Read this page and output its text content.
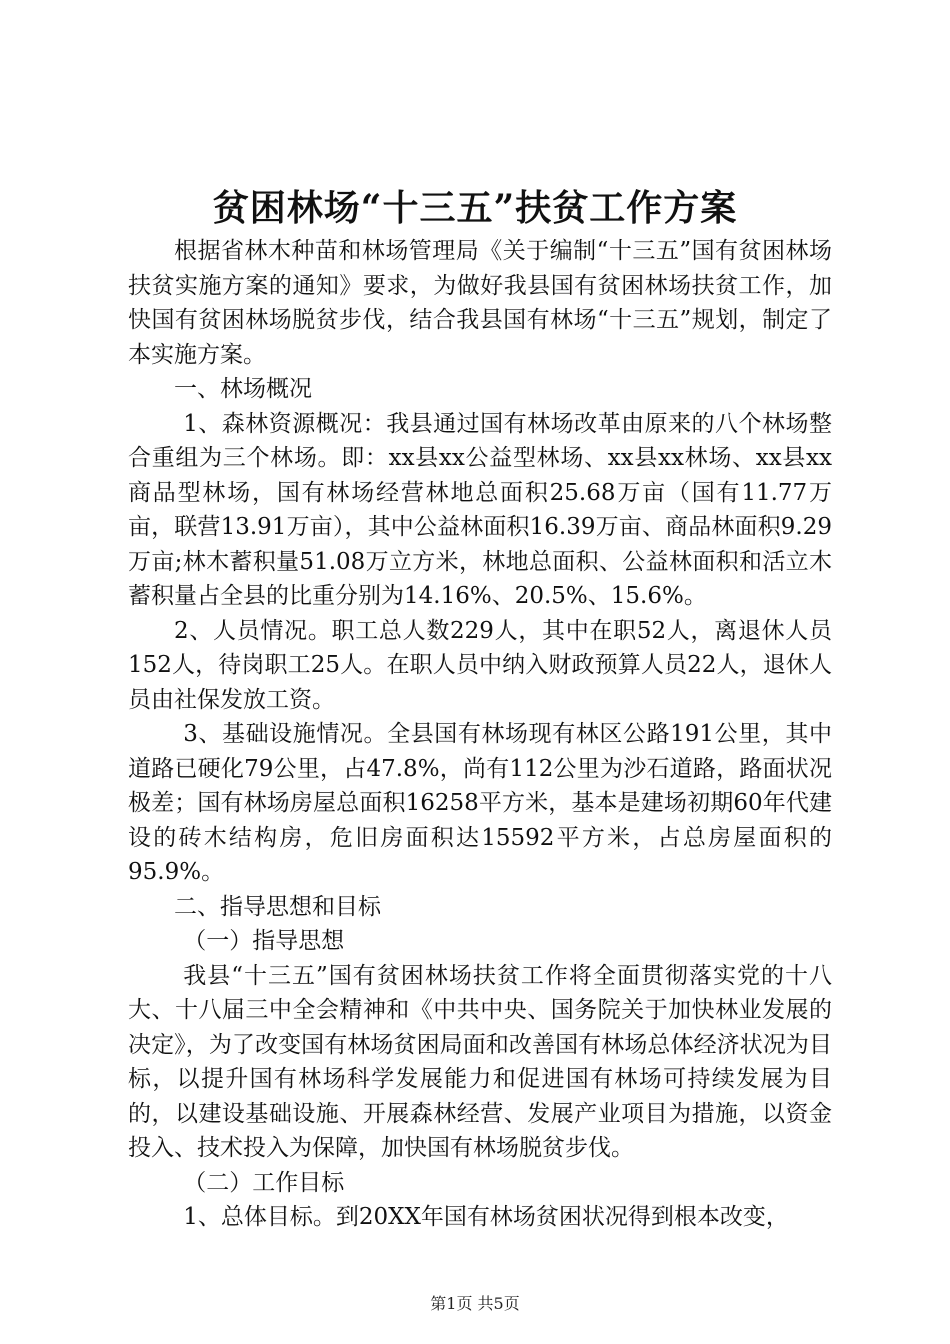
贫困林场“十三五”扶贫工作方案

根据省林木种苗和林场管理局《关于编制“十三五”国有贫困林场扶贫实施方案的通知》要求，为做好我县国有贫困林场扶贫工作，加快国有贫困林场脱贫步伐，结合我县国有林场“十三五”规划，制定了本实施方案。

一、林场概况

1、森林资源概况：我县通过国有林场改革由原来的八个林场整合重组为三个林场。即：xx县xx公益型林场、xx县xx林场、xx县xx商品型林场，国有林场经营林地总面积25.68万亩（国有11.77万亩，联营13.91万亩），其中公益林面积16.39万亩、商品林面积9.29万亩;林木蓄积量51.08万立方米，林地总面积、公益林面积和活立木蓄积量占全县的比重分别为14.16%、20.5%、15.6%。

2、人员情况。职工总人数229人，其中在职52人，离退休人员152人，待岗职工25人。在职人员中纳入财政预算人员22人，退休人员由社保发放工资。

3、基础设施情况。全县国有林场现有林区公路191公里，其中道路已硬化79公里，占47.8%，尚有112公里为沙石道路，路面状况极差；国有林场房屋总面积16258平方米，基本是建场初期60年代建设的砖木结构房，危旧房面积达15592平方米，占总房屋面积的95.9%。

二、指导思想和目标

（一）指导思想

我县“十三五”国有贫困林场扶贫工作将全面贯彻落实党的十八大、十八届三中全会精神和《中共中央、国务院关于加快林业发展的决定》，为了改变国有林场贫困局面和改善国有林场总体经济状况为目标，以提升国有林场科学发展能力和促进国有林场可持续发展为目的，以建设基础设施、开展森林经营、发展产业项目为措施，以资金投入、技术投入为保障，加快国有林场脱贫步伐。

（二）工作目标

1、总体目标。到20XX年国有林场贫困状况得到根本改变，

第1页 共5页
